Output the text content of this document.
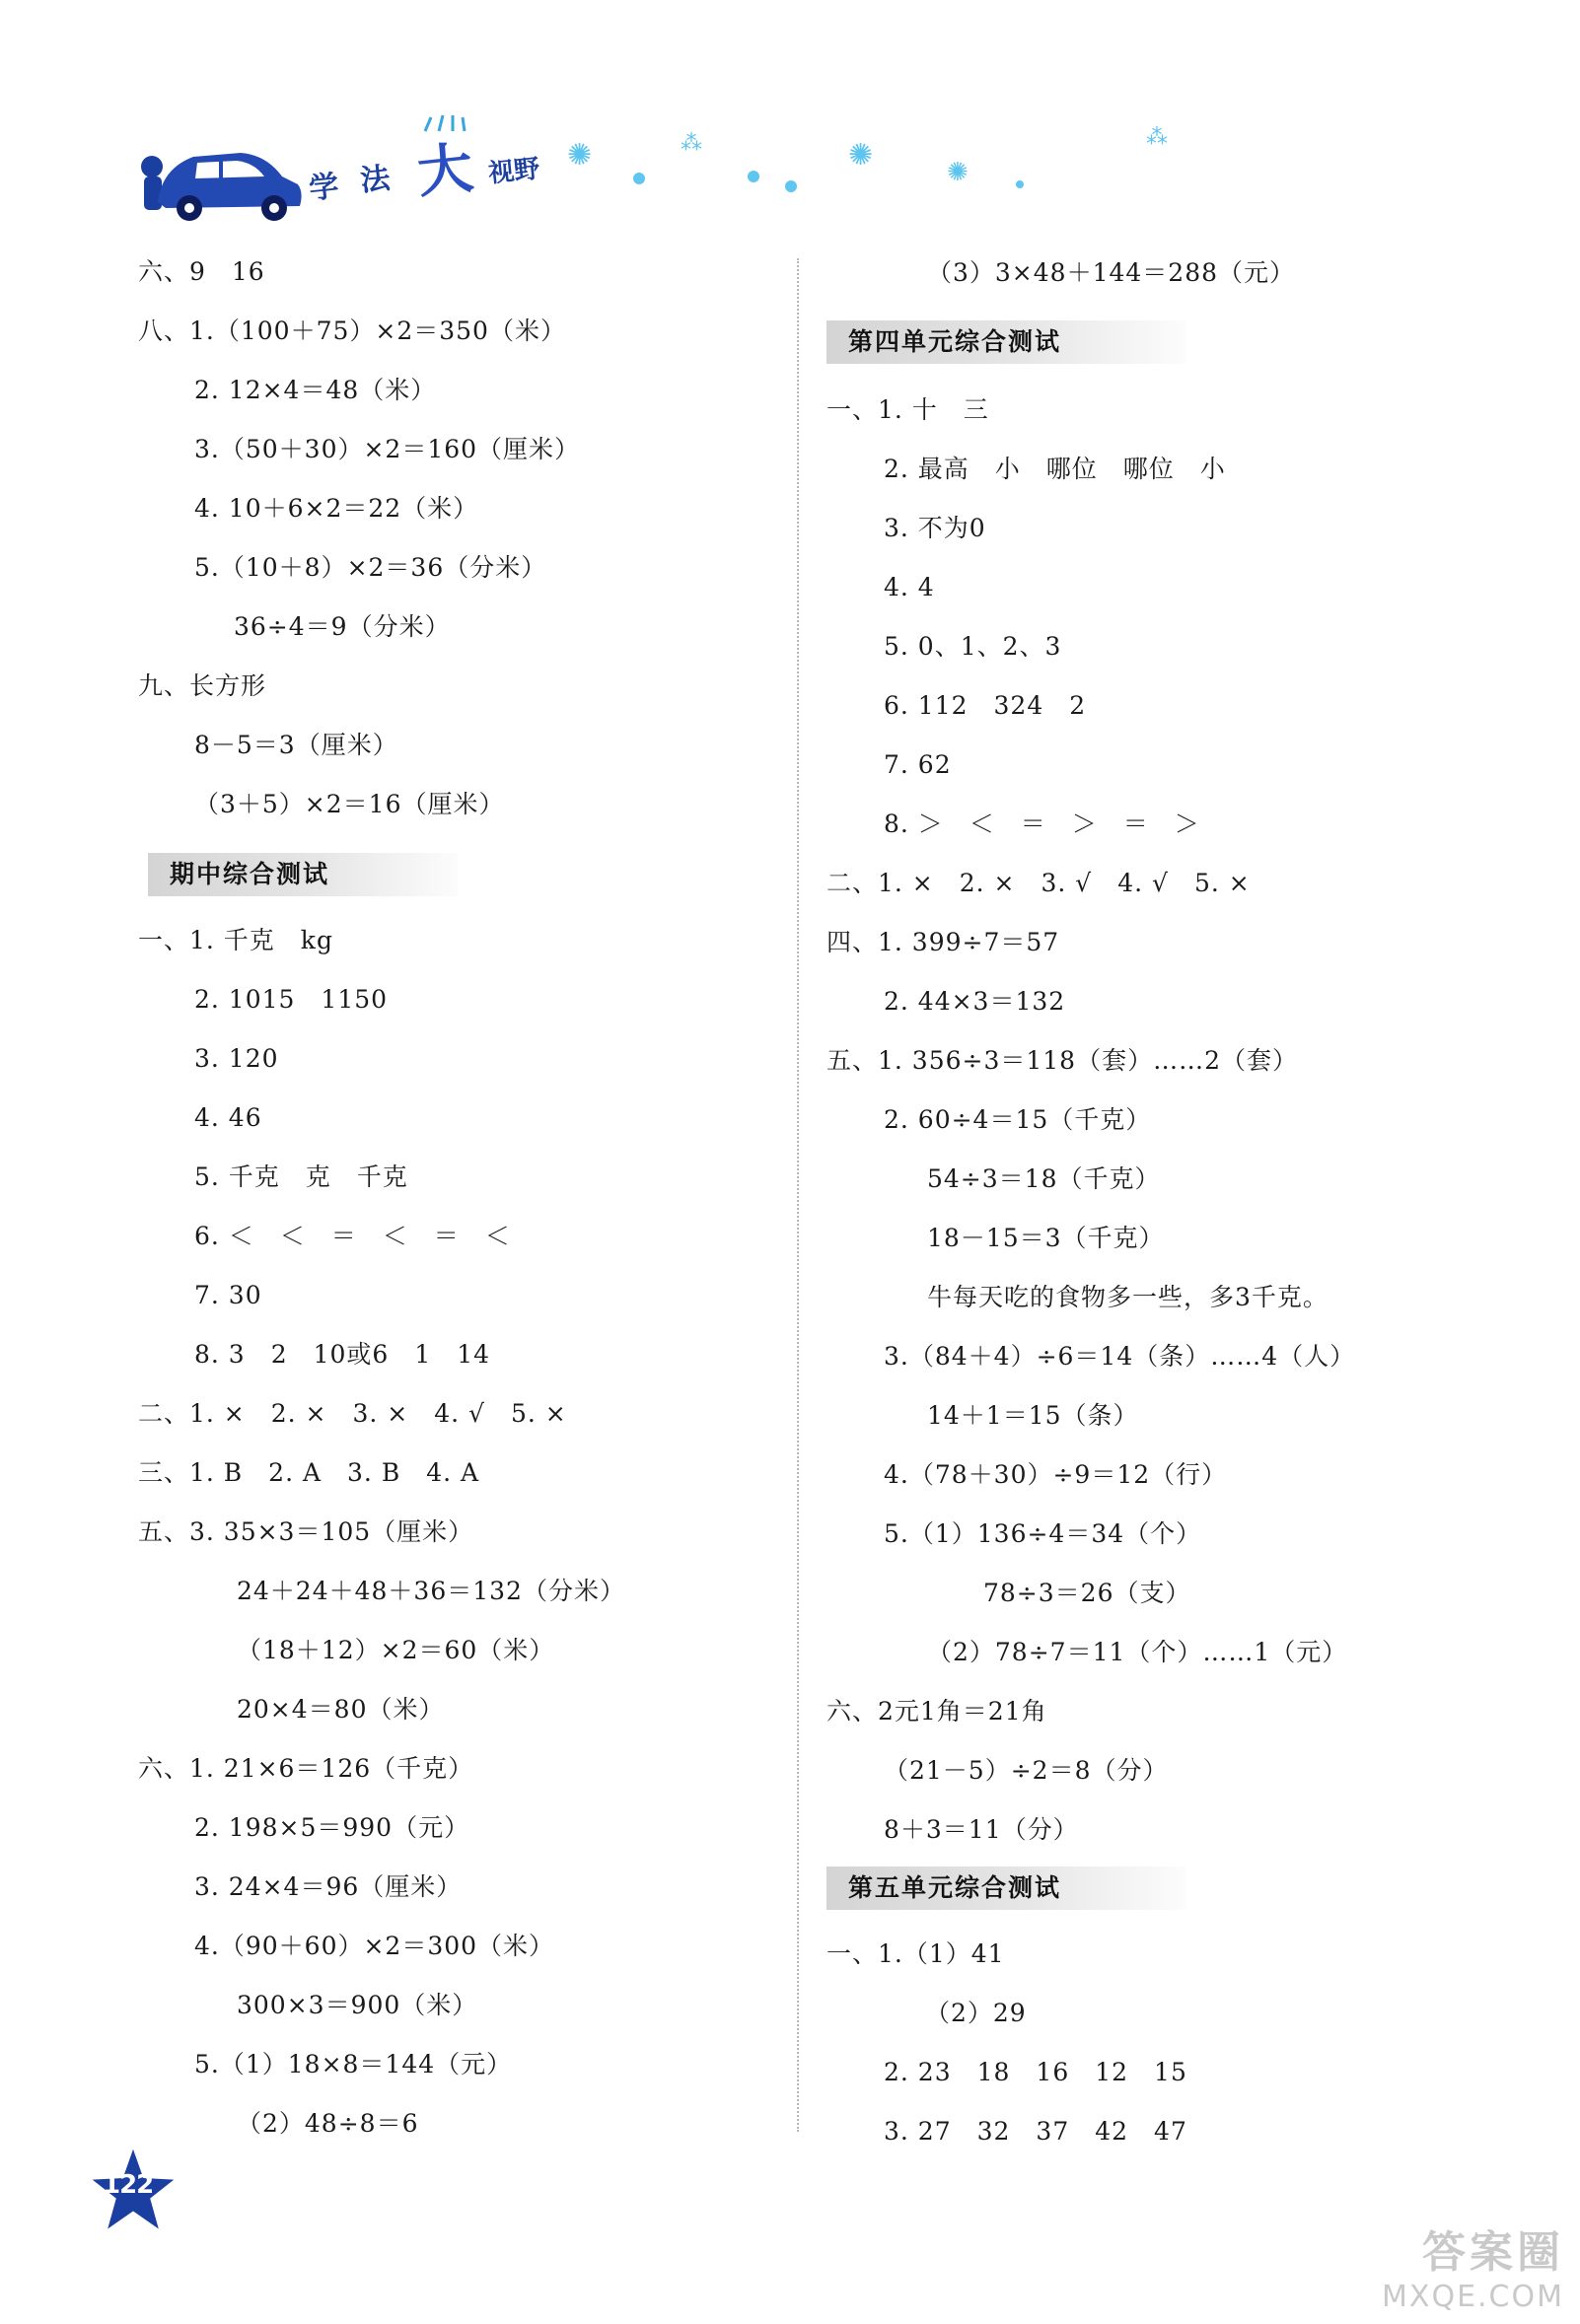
学 法 大 视野 ✺	⁂	✺	✺
⁂
六、9　16
八、1.（100＋75）×2＝350（米）
2. 12×4＝48（米）
3.（50＋30）×2＝160（厘米）
4. 10＋6×2＝22（米）
5.（10＋8）×2＝36（分米）
36÷4＝9（分米）
九、长方形
8－5＝3（厘米）
（3＋5）×2＝16（厘米）
期中综合测试
一、1. 千克　kg
2. 1015　1150
3. 120
4. 46
5. 千克　克　千克
6. ＜　＜　＝　＜　＝　＜
7. 30
8. 3　2　10或6　1　14
二、1. ×　2. ×　3. ×　4. √　5. ×
三、1. B　2. A　3. B　4. A
五、3. 35×3＝105（厘米）
24＋24＋48＋36＝132（分米）
（18＋12）×2＝60（米）
20×4＝80（米）
六、1. 21×6＝126（千克）
2. 198×5＝990（元）
3. 24×4＝96（厘米）
4.（90＋60）×2＝300（米）
300×3＝900（米）
5.（1）18×8＝144（元）
（2）48÷8＝6
（3）3×48＋144＝288（元）
第四单元综合测试
一、1. 十　三
2. 最高　小　哪位　哪位　小
3. 不为0
4. 4
5. 0、1、2、3
6. 112　324　2
7. 62
8. ＞　＜　＝　＞　＝　＞
二、1. ×　2. ×　3. √　4. √　5. ×
四、1. 399÷7＝57
2. 44×3＝132
五、1. 356÷3＝118（套）……2（套）
2. 60÷4＝15（千克）
54÷3＝18（千克）
18－15＝3（千克）
牛每天吃的食物多一些，多3千克。
3.（84＋4）÷6＝14（条）……4（人）
14＋1＝15（条）
4.（78＋30）÷9＝12（行）
5.（1）136÷4＝34（个）
78÷3＝26（支）
（2）78÷7＝11（个）……1（元）
六、2元1角＝21角
（21－5）÷2＝8（分）
8＋3＝11（分）
第五单元综合测试
一、1.（1）41
（2）29
2. 23　18　16　12　15
3. 27　32　37　42　47
122
答案圈
MXQE.COM
